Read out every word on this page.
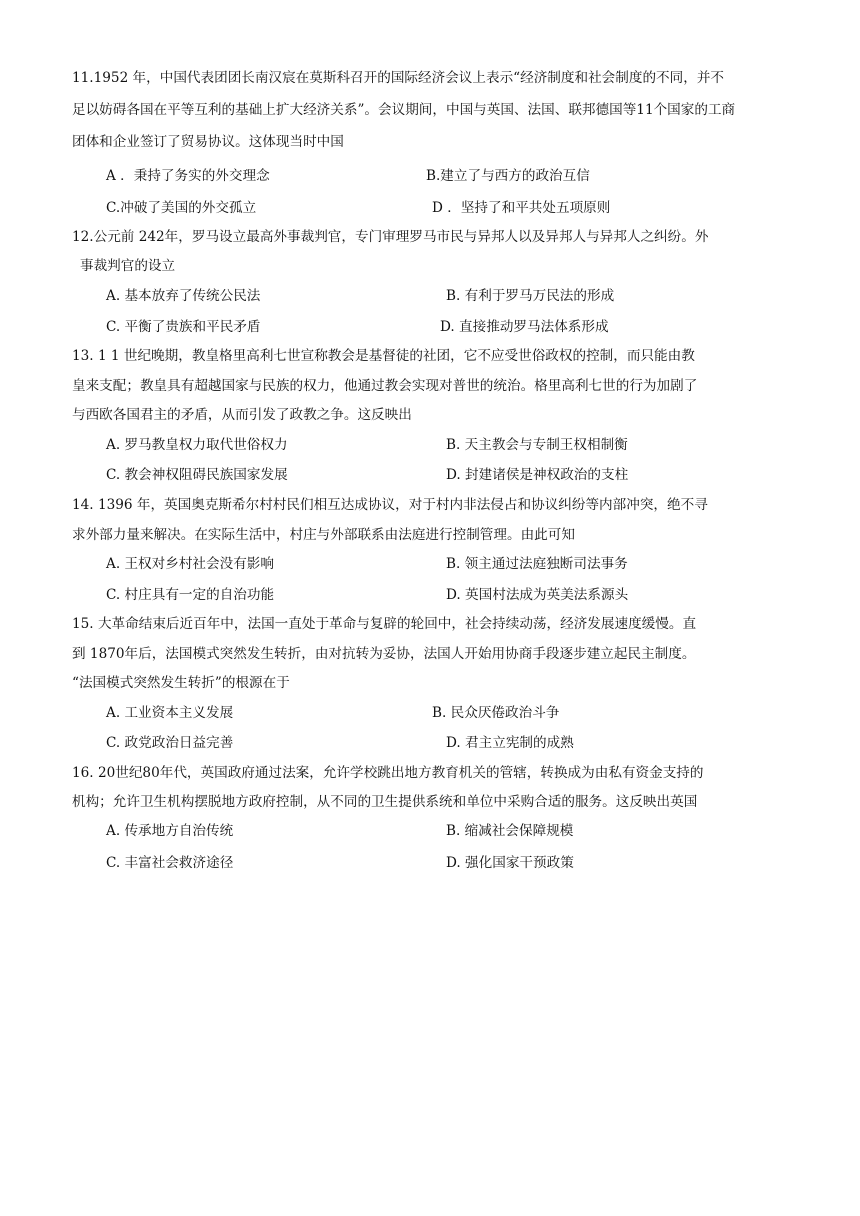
11.1952 年，中国代表团团长南汉宸在莫斯科召开的国际经济会议上表示“经济制度和社会制度的不同，并不
足以妨碍各国在平等互利的基础上扩大经济关系”。会议期间，中国与英国、法国、联邦德国等11个国家的工商
团体和企业签订了贸易协议。这体现当时中国
A ．秉持了务实的外交理念	B.建立了与西方的政治互信
C.冲破了美国的外交孤立	D ．坚持了和平共处五项原则
12.公元前 242年，罗马设立最高外事裁判官，专门审理罗马市民与异邦人以及异邦人与异邦人之纠纷。外
事裁判官的设立
A. 基本放弃了传统公民法	B. 有利于罗马万民法的形成
C. 平衡了贵族和平民矛盾	D. 直接推动罗马法体系形成
13. 1 1 世纪晚期，教皇格里高利七世宣称教会是基督徒的社团，它不应受世俗政权的控制，而只能由教
皇来支配；教皇具有超越国家与民族的权力，他通过教会实现对普世的统治。格里高利七世的行为加剧了
与西欧各国君主的矛盾，从而引发了政教之争。这反映出
A. 罗马教皇权力取代世俗权力	B. 天主教会与专制王权相制衡
C. 教会神权阻碍民族国家发展	D. 封建诸侯是神权政治的支柱
14. 1396 年，英国奥克斯希尔村村民们相互达成协议，对于村内非法侵占和协议纠纷等内部冲突，绝不寻
求外部力量来解决。在实际生活中，村庄与外部联系由法庭进行控制管理。由此可知
A. 王权对乡村社会没有影响	B. 领主通过法庭独断司法事务
C. 村庄具有一定的自治功能	D. 英国村法成为英美法系源头
15. 大革命结束后近百年中，法国一直处于革命与复辟的轮回中，社会持续动荡，经济发展速度缓慢。直
到 1870年后，法国模式突然发生转折，由对抗转为妥协，法国人开始用协商手段逐步建立起民主制度。
“法国模式突然发生转折”的根源在于
A. 工业资本主义发展	B. 民众厌倦政治斗争
C. 政党政治日益完善	D. 君主立宪制的成熟
16. 20世纪80年代，英国政府通过法案，允许学校跳出地方教育机关的管辖，转换成为由私有资金支持的
机构；允许卫生机构摆脱地方政府控制，从不同的卫生提供系统和单位中采购合适的服务。这反映出英国
A. 传承地方自治传统	B. 缩减社会保障规模
C. 丰富社会救济途径	D. 强化国家干预政策
